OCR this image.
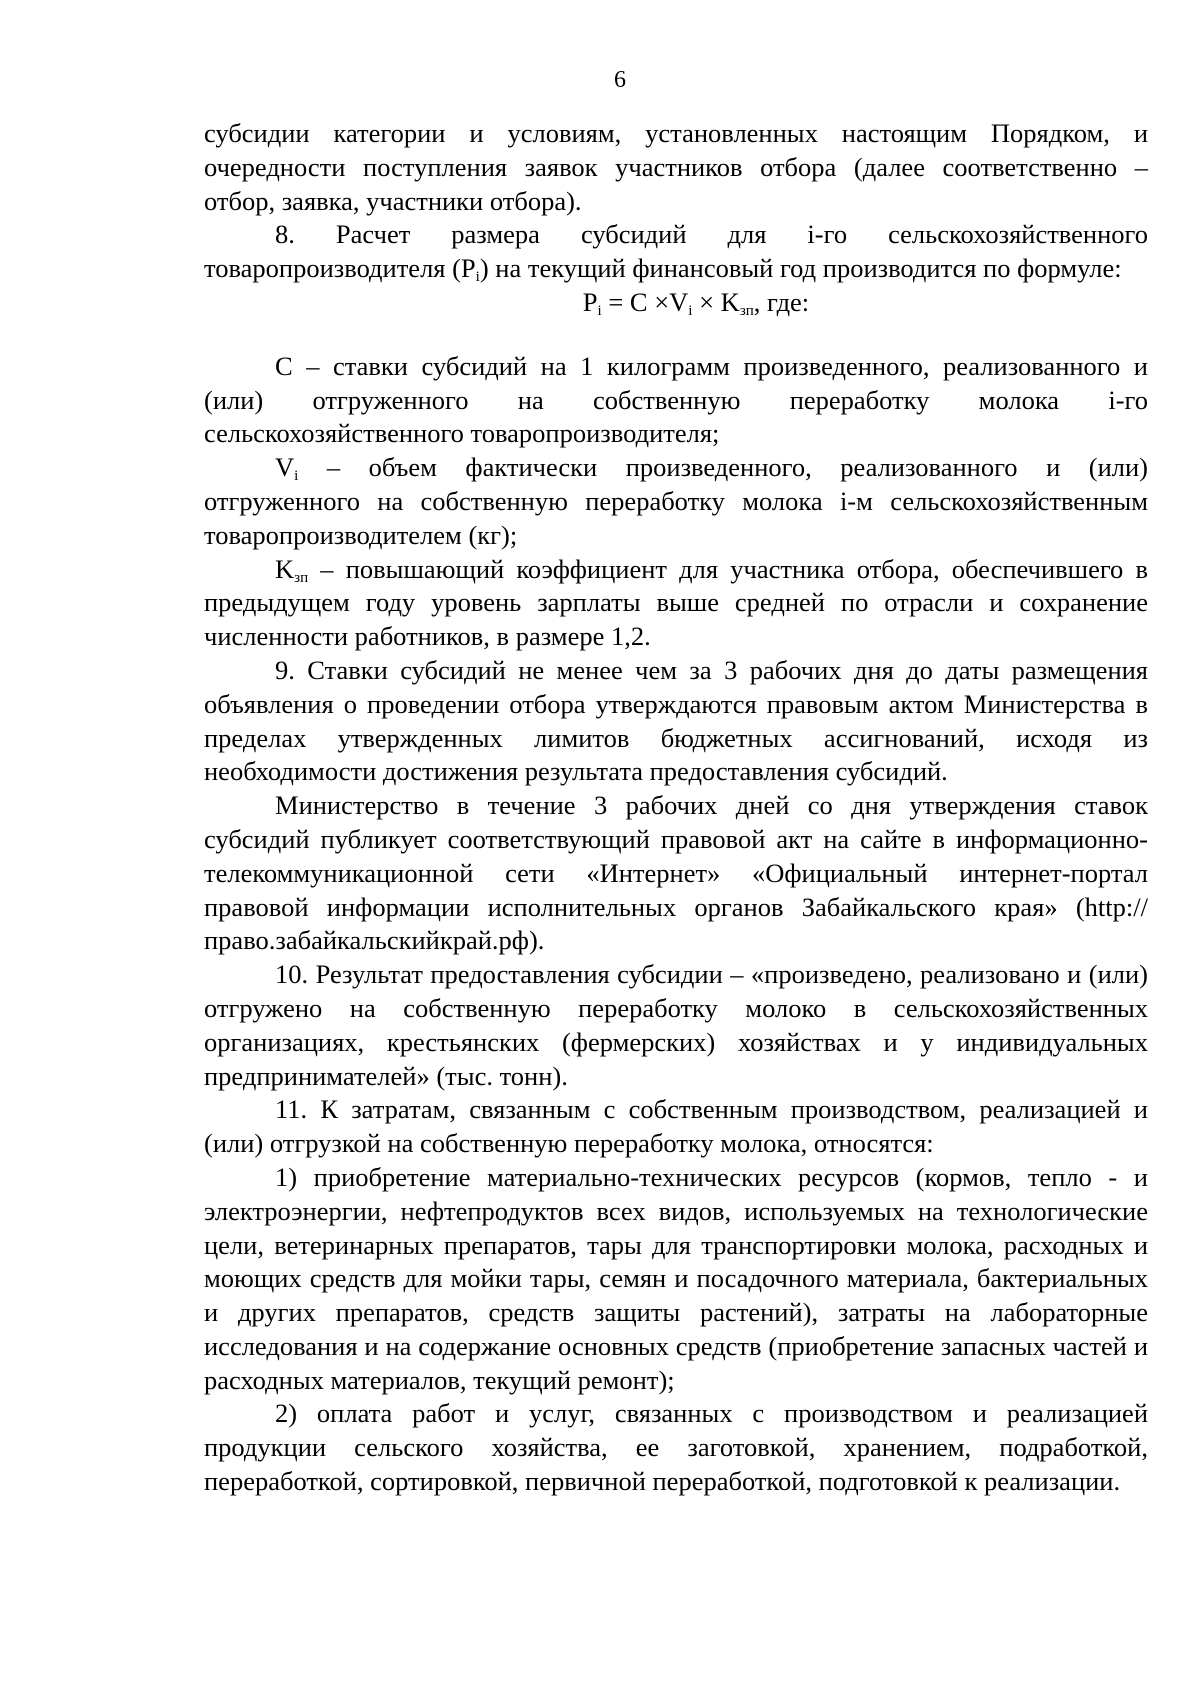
6

субсидии категории и условиям, установленных настоящим Порядком, и очередности поступления заявок участников отбора (далее соответственно – отбор, заявка, участники отбора).

8. Расчет размера субсидий для i-го сельскохозяйственного товаропроизводителя $(P_i)$ на текущий финансовый год производится по формуле:

$P_i = C \times V_i \times K_{зп}$, где:

C – ставки субсидий на 1 килограмм произведенного, реализованного и (или) отгруженного на собственную переработку молока i-го сельскохозяйственного товаропроизводителя;

$V_i$ – объем фактически произведенного, реализованного и (или) отгруженного на собственную переработку молока i-м сельскохозяйственным товаропроизводителем (кг);

$K_{зп}$ – повышающий коэффициент для участника отбора, обеспечившего в предыдущем году уровень зарплаты выше средней по отрасли и сохранение численности работников, в размере 1,2.

9. Ставки субсидий не менее чем за 3 рабочих дня до даты размещения объявления о проведении отбора утверждаются правовым актом Министерства в пределах утвержденных лимитов бюджетных ассигнований, исходя из необходимости достижения результата предоставления субсидий.

Министерство в течение 3 рабочих дней со дня утверждения ставок субсидий публикует соответствующий правовой акт на сайте в информационно-телекоммуникационной сети «Интернет» «Официальный интернет-портал правовой информации исполнительных органов Забайкальского края» (http://право.забайкальскийкрай.рф).

10. Результат предоставления субсидии – «произведено, реализовано и (или) отгружено на собственную переработку молоко в сельскохозяйственных организациях, крестьянских (фермерских) хозяйствах и у индивидуальных предпринимателей» (тыс. тонн).

11. К затратам, связанным с собственным производством, реализацией и (или) отгрузкой на собственную переработку молока, относятся:

1) приобретение материально-технических ресурсов (кормов, тепло - и электроэнергии, нефтепродуктов всех видов, используемых на технологические цели, ветеринарных препаратов, тары для транспортировки молока, расходных и моющих средств для мойки тары, семян и посадочного материала, бактериальных и других препаратов, средств защиты растений), затраты на лабораторные исследования и на содержание основных средств (приобретение запасных частей и расходных материалов, текущий ремонт);

2) оплата работ и услуг, связанных с производством и реализацией продукции сельского хозяйства, ее заготовкой, хранением, подработкой, переработкой, сортировкой, первичной переработкой, подготовкой к реализации.
